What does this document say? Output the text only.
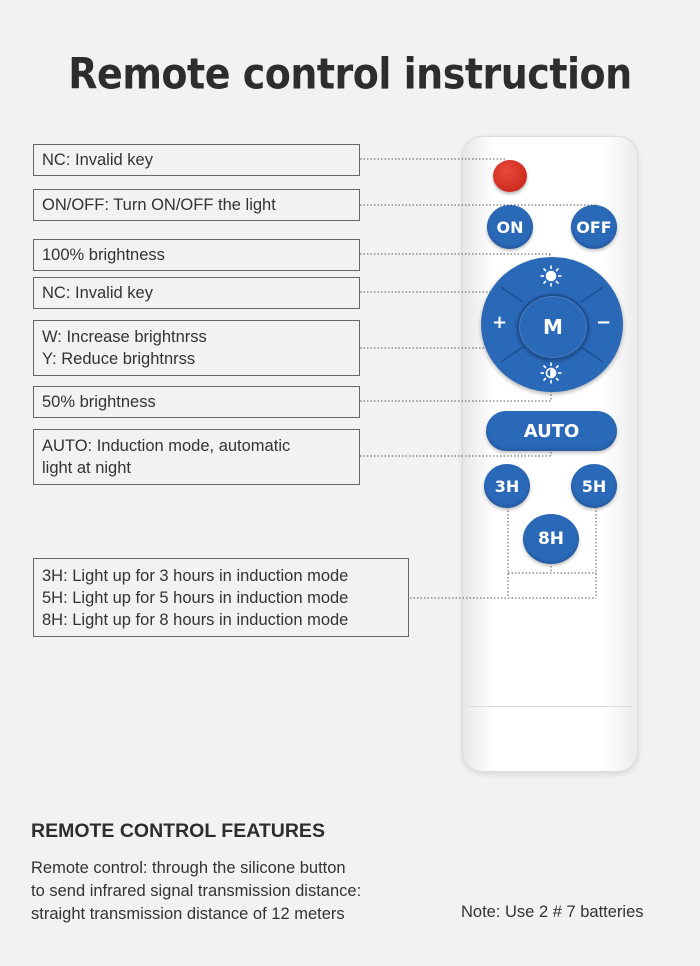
Remote control instruction
NC: Invalid key
ON/OFF: Turn ON/OFF the light
100% brightness
NC: Invalid key
W: Increase brightnrss
Y: Reduce brightnrss
50% brightness
AUTO: Induction mode, automatic
light at night
3H: Light up for 3 hours in induction mode
5H: Light up for 5 hours in induction mode
8H: Light up for 8 hours in induction mode
ON	OFF
M
+	−
AUTO
3H	5H
8H
REMOTE CONTROL FEATURES
Remote control: through the silicone button
to send infrared signal transmission distance:
straight transmission distance of 12 meters	Note: Use 2 # 7 batteries
